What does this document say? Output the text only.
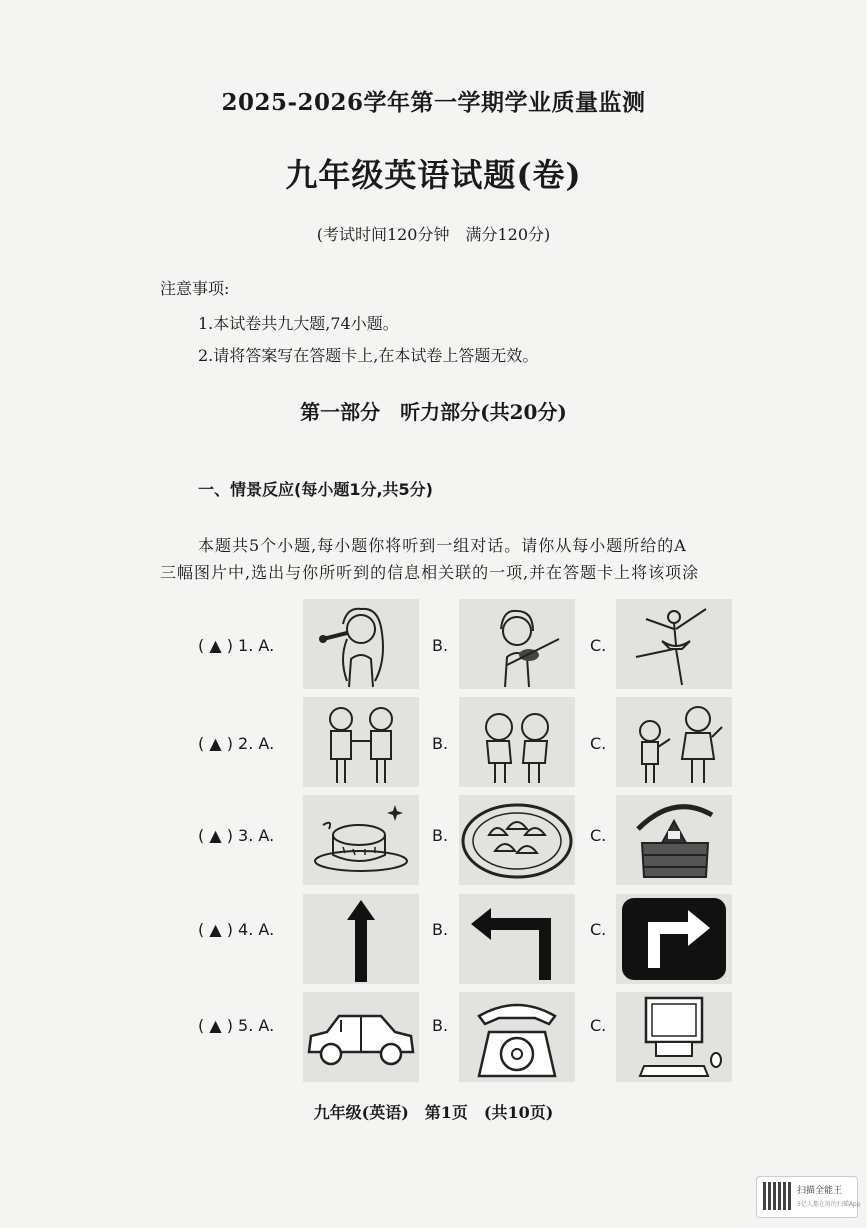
2025-2026学年第一学期学业质量监测
九年级英语试题(卷)
(考试时间120分钟　满分120分)
注意事项:
1.本试卷共九大题,74小题。
2.请将答案写在答题卡上,在本试卷上答题无效。
第一部分　听力部分(共20分)
一、情景反应(每小题1分,共5分)
本题共5个小题,每小题你将听到一组对话。请你从每小题所给的A
三幅图片中,选出与你所听到的信息相关联的一项,并在答题卡上将该项涂
( ▲ ) 1. A.	B.	C.
( ▲ ) 2. A.	B.	C.
( ▲ ) 3. A.	B.	C.
( ▲ ) 4. A.	B.	C.
( ▲ ) 5. A.	B.	C.
九年级(英语)　第1页　(共10页)
扫描全能王
3亿人都在用的扫描App
